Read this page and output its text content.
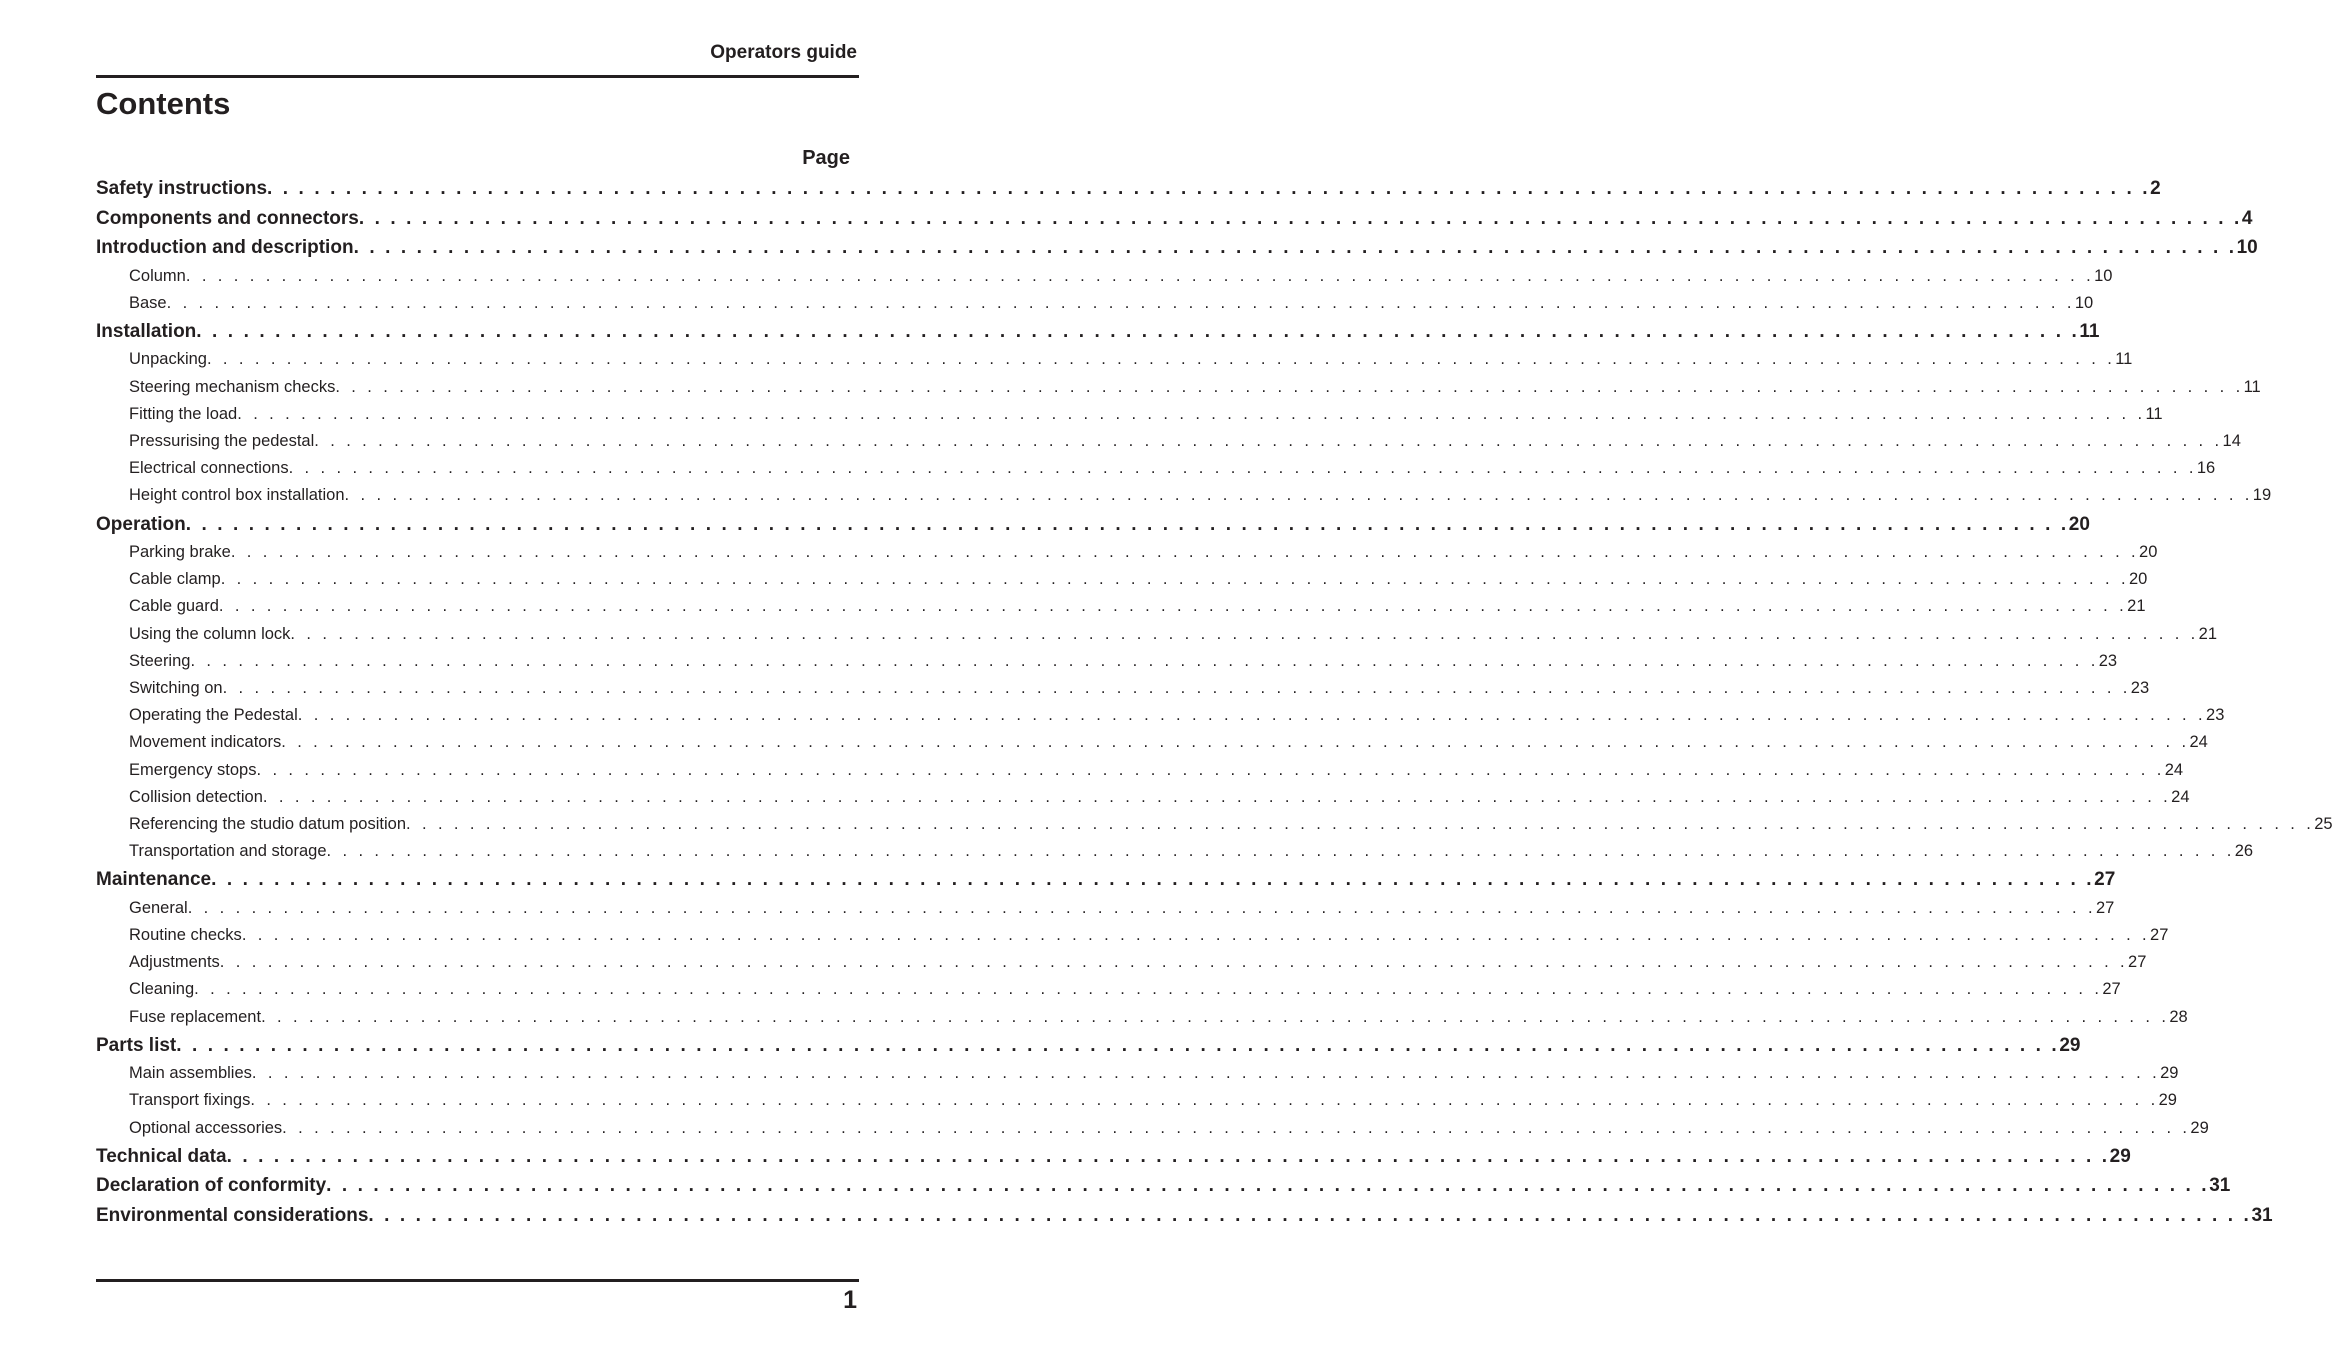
Operators guide
Contents
Page
Safety instructions . . . . . . . . . . . . . . . . . . . . . . . . . . . . . . . . . . . . . . . . . . . . . . . . . . . . . . . . . . . . . . . . . . . . . . . . . . . . . . . . . . . . . . . . . . . . . . . . . . . . . . . . . . . . . . . . . . . . . . . . 2
Components and connectors . . . . . . . . . . . . . . . . . . . . . . . . . . . . . . . . . . . . . . . . . . . . . . . . . . . . . . . . . . . . . . . . . . . . . . . . . . . . . . . . . . . . . . . . . . . . . . . . . . . . . . . . . . . . . . . . . . . . . . . . 4
Introduction and description . . . . . . . . . . . . . . . . . . . . . . . . . . . . . . . . . . . . . . . . . . . . . . . . . . . . . . . . . . . . . . . . . . . . . . . . . . . . . . . . . . . . . . . . . . . . . . . . . . . . . . . . . . . . . . . . . . . . . . . . 10
Column . . . . . . . . . . . . . . . . . . . . . . . . . . . . . . . . . . . . . . . . . . . . . . . . . . . . . . . . . . . . . . . . . . . . . . . . . . . . . . . . . . . . . . . . . . . . . . . . . . . . . . . . . . . . . . . . . . . . . . . . 10
Base . . . . . . . . . . . . . . . . . . . . . . . . . . . . . . . . . . . . . . . . . . . . . . . . . . . . . . . . . . . . . . . . . . . . . . . . . . . . . . . . . . . . . . . . . . . . . . . . . . . . . . . . . . . . . . . . . . . . . . . . 10
Installation . . . . . . . . . . . . . . . . . . . . . . . . . . . . . . . . . . . . . . . . . . . . . . . . . . . . . . . . . . . . . . . . . . . . . . . . . . . . . . . . . . . . . . . . . . . . . . . . . . . . . . . . . . . . . . . . . . . . . . . . 11
Unpacking . . . . . . . . . . . . . . . . . . . . . . . . . . . . . . . . . . . . . . . . . . . . . . . . . . . . . . . . . . . . . . . . . . . . . . . . . . . . . . . . . . . . . . . . . . . . . . . . . . . . . . . . . . . . . . . . . . . . . . . . 11
Steering mechanism checks . . . . . . . . . . . . . . . . . . . . . . . . . . . . . . . . . . . . . . . . . . . . . . . . . . . . . . . . . . . . . . . . . . . . . . . . . . . . . . . . . . . . . . . . . . . . . . . . . . . . . . . . . . . . . . . . . . . . . . . . 11
Fitting the load . . . . . . . . . . . . . . . . . . . . . . . . . . . . . . . . . . . . . . . . . . . . . . . . . . . . . . . . . . . . . . . . . . . . . . . . . . . . . . . . . . . . . . . . . . . . . . . . . . . . . . . . . . . . . . . . . . . . . . . . 11
Pressurising the pedestal . . . . . . . . . . . . . . . . . . . . . . . . . . . . . . . . . . . . . . . . . . . . . . . . . . . . . . . . . . . . . . . . . . . . . . . . . . . . . . . . . . . . . . . . . . . . . . . . . . . . . . . . . . . . . . . . . . . . . . . . 14
Electrical connections . . . . . . . . . . . . . . . . . . . . . . . . . . . . . . . . . . . . . . . . . . . . . . . . . . . . . . . . . . . . . . . . . . . . . . . . . . . . . . . . . . . . . . . . . . . . . . . . . . . . . . . . . . . . . . . . . . . . . . . . 16
Height control box installation . . . . . . . . . . . . . . . . . . . . . . . . . . . . . . . . . . . . . . . . . . . . . . . . . . . . . . . . . . . . . . . . . . . . . . . . . . . . . . . . . . . . . . . . . . . . . . . . . . . . . . . . . . . . . . . . . . . . . . . . 19
Operation . . . . . . . . . . . . . . . . . . . . . . . . . . . . . . . . . . . . . . . . . . . . . . . . . . . . . . . . . . . . . . . . . . . . . . . . . . . . . . . . . . . . . . . . . . . . . . . . . . . . . . . . . . . . . . . . . . . . . . . . 20
Parking brake . . . . . . . . . . . . . . . . . . . . . . . . . . . . . . . . . . . . . . . . . . . . . . . . . . . . . . . . . . . . . . . . . . . . . . . . . . . . . . . . . . . . . . . . . . . . . . . . . . . . . . . . . . . . . . . . . . . . . . . . 20
Cable clamp . . . . . . . . . . . . . . . . . . . . . . . . . . . . . . . . . . . . . . . . . . . . . . . . . . . . . . . . . . . . . . . . . . . . . . . . . . . . . . . . . . . . . . . . . . . . . . . . . . . . . . . . . . . . . . . . . . . . . . . . 20
Cable guard . . . . . . . . . . . . . . . . . . . . . . . . . . . . . . . . . . . . . . . . . . . . . . . . . . . . . . . . . . . . . . . . . . . . . . . . . . . . . . . . . . . . . . . . . . . . . . . . . . . . . . . . . . . . . . . . . . . . . . . . 21
Using the column lock . . . . . . . . . . . . . . . . . . . . . . . . . . . . . . . . . . . . . . . . . . . . . . . . . . . . . . . . . . . . . . . . . . . . . . . . . . . . . . . . . . . . . . . . . . . . . . . . . . . . . . . . . . . . . . . . . . . . . . . . 21
Steering . . . . . . . . . . . . . . . . . . . . . . . . . . . . . . . . . . . . . . . . . . . . . . . . . . . . . . . . . . . . . . . . . . . . . . . . . . . . . . . . . . . . . . . . . . . . . . . . . . . . . . . . . . . . . . . . . . . . . . . . 23
Switching on . . . . . . . . . . . . . . . . . . . . . . . . . . . . . . . . . . . . . . . . . . . . . . . . . . . . . . . . . . . . . . . . . . . . . . . . . . . . . . . . . . . . . . . . . . . . . . . . . . . . . . . . . . . . . . . . . . . . . . . . 23
Operating the Pedestal . . . . . . . . . . . . . . . . . . . . . . . . . . . . . . . . . . . . . . . . . . . . . . . . . . . . . . . . . . . . . . . . . . . . . . . . . . . . . . . . . . . . . . . . . . . . . . . . . . . . . . . . . . . . . . . . . . . . . . . . 23
Movement indicators . . . . . . . . . . . . . . . . . . . . . . . . . . . . . . . . . . . . . . . . . . . . . . . . . . . . . . . . . . . . . . . . . . . . . . . . . . . . . . . . . . . . . . . . . . . . . . . . . . . . . . . . . . . . . . . . . . . . . . . . 24
Emergency stops . . . . . . . . . . . . . . . . . . . . . . . . . . . . . . . . . . . . . . . . . . . . . . . . . . . . . . . . . . . . . . . . . . . . . . . . . . . . . . . . . . . . . . . . . . . . . . . . . . . . . . . . . . . . . . . . . . . . . . . . 24
Collision detection . . . . . . . . . . . . . . . . . . . . . . . . . . . . . . . . . . . . . . . . . . . . . . . . . . . . . . . . . . . . . . . . . . . . . . . . . . . . . . . . . . . . . . . . . . . . . . . . . . . . . . . . . . . . . . . . . . . . . . . . 24
Referencing the studio datum position . . . . . . . . . . . . . . . . . . . . . . . . . . . . . . . . . . . . . . . . . . . . . . . . . . . . . . . . . . . . . . . . . . . . . . . . . . . . . . . . . . . . . . . . . . . . . . . . . . . . . . . . . . . . . . . . . . . . . . . . 25
Transportation and storage . . . . . . . . . . . . . . . . . . . . . . . . . . . . . . . . . . . . . . . . . . . . . . . . . . . . . . . . . . . . . . . . . . . . . . . . . . . . . . . . . . . . . . . . . . . . . . . . . . . . . . . . . . . . . . . . . . . . . . . . 26
Maintenance . . . . . . . . . . . . . . . . . . . . . . . . . . . . . . . . . . . . . . . . . . . . . . . . . . . . . . . . . . . . . . . . . . . . . . . . . . . . . . . . . . . . . . . . . . . . . . . . . . . . . . . . . . . . . . . . . . . . . . . . 27
General . . . . . . . . . . . . . . . . . . . . . . . . . . . . . . . . . . . . . . . . . . . . . . . . . . . . . . . . . . . . . . . . . . . . . . . . . . . . . . . . . . . . . . . . . . . . . . . . . . . . . . . . . . . . . . . . . . . . . . . . 27
Routine checks . . . . . . . . . . . . . . . . . . . . . . . . . . . . . . . . . . . . . . . . . . . . . . . . . . . . . . . . . . . . . . . . . . . . . . . . . . . . . . . . . . . . . . . . . . . . . . . . . . . . . . . . . . . . . . . . . . . . . . . . 27
Adjustments . . . . . . . . . . . . . . . . . . . . . . . . . . . . . . . . . . . . . . . . . . . . . . . . . . . . . . . . . . . . . . . . . . . . . . . . . . . . . . . . . . . . . . . . . . . . . . . . . . . . . . . . . . . . . . . . . . . . . . . . 27
Cleaning . . . . . . . . . . . . . . . . . . . . . . . . . . . . . . . . . . . . . . . . . . . . . . . . . . . . . . . . . . . . . . . . . . . . . . . . . . . . . . . . . . . . . . . . . . . . . . . . . . . . . . . . . . . . . . . . . . . . . . . . 27
Fuse replacement . . . . . . . . . . . . . . . . . . . . . . . . . . . . . . . . . . . . . . . . . . . . . . . . . . . . . . . . . . . . . . . . . . . . . . . . . . . . . . . . . . . . . . . . . . . . . . . . . . . . . . . . . . . . . . . . . . . . . . . . 28
Parts list . . . . . . . . . . . . . . . . . . . . . . . . . . . . . . . . . . . . . . . . . . . . . . . . . . . . . . . . . . . . . . . . . . . . . . . . . . . . . . . . . . . . . . . . . . . . . . . . . . . . . . . . . . . . . . . . . . . . . . . . 29
Main assemblies . . . . . . . . . . . . . . . . . . . . . . . . . . . . . . . . . . . . . . . . . . . . . . . . . . . . . . . . . . . . . . . . . . . . . . . . . . . . . . . . . . . . . . . . . . . . . . . . . . . . . . . . . . . . . . . . . . . . . . . . 29
Transport fixings . . . . . . . . . . . . . . . . . . . . . . . . . . . . . . . . . . . . . . . . . . . . . . . . . . . . . . . . . . . . . . . . . . . . . . . . . . . . . . . . . . . . . . . . . . . . . . . . . . . . . . . . . . . . . . . . . . . . . . . . 29
Optional accessories . . . . . . . . . . . . . . . . . . . . . . . . . . . . . . . . . . . . . . . . . . . . . . . . . . . . . . . . . . . . . . . . . . . . . . . . . . . . . . . . . . . . . . . . . . . . . . . . . . . . . . . . . . . . . . . . . . . . . . . . 29
Technical data . . . . . . . . . . . . . . . . . . . . . . . . . . . . . . . . . . . . . . . . . . . . . . . . . . . . . . . . . . . . . . . . . . . . . . . . . . . . . . . . . . . . . . . . . . . . . . . . . . . . . . . . . . . . . . . . . . . . . . . . 29
Declaration of conformity . . . . . . . . . . . . . . . . . . . . . . . . . . . . . . . . . . . . . . . . . . . . . . . . . . . . . . . . . . . . . . . . . . . . . . . . . . . . . . . . . . . . . . . . . . . . . . . . . . . . . . . . . . . . . . . . . . . . . . . . 31
Environmental considerations . . . . . . . . . . . . . . . . . . . . . . . . . . . . . . . . . . . . . . . . . . . . . . . . . . . . . . . . . . . . . . . . . . . . . . . . . . . . . . . . . . . . . . . . . . . . . . . . . . . . . . . . . . . . . . . . . . . . . . . . 31
1
